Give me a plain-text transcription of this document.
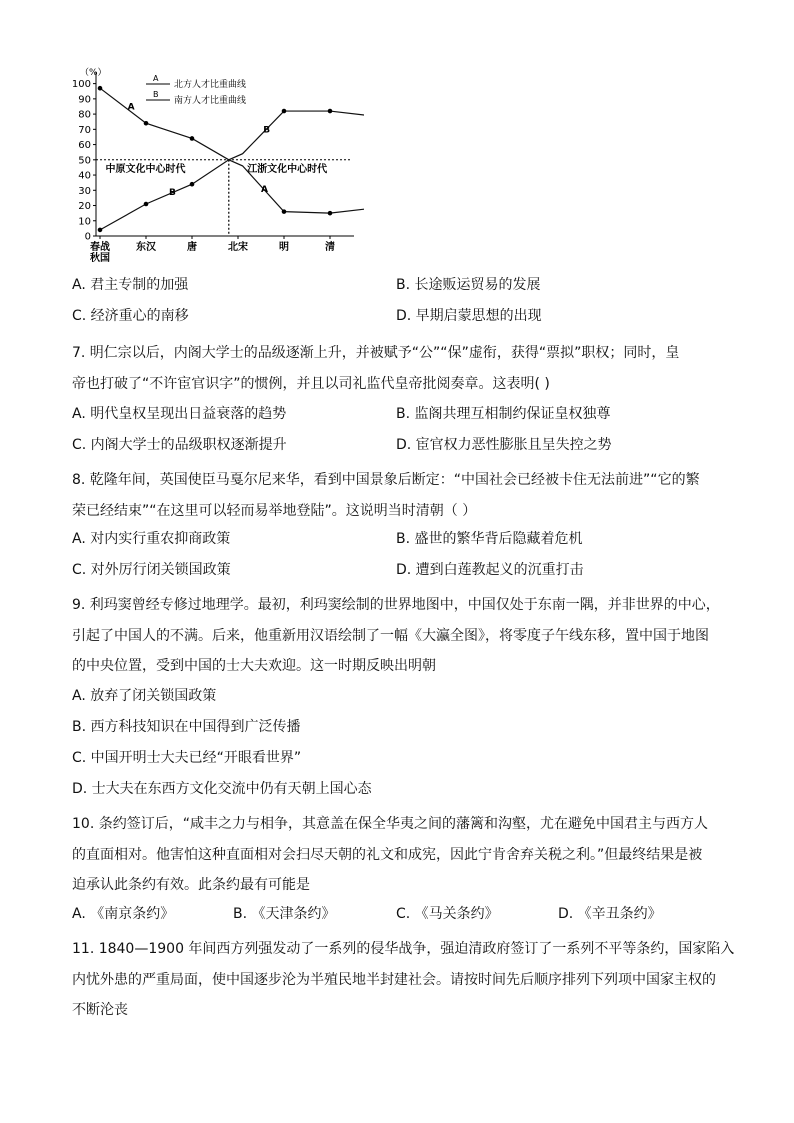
（%）
0
10
20
30
40
50
60
70
80
90
100
春战
秋国
东汉	唐	北宋	明	清
A
B
B
A
中原文化中心时代	江浙文化中心时代
A
北方人才比重曲线
B
南方人才比重曲线
A. 君主专制的加强	B. 长途贩运贸易的发展
C. 经济重心的南移	D. 早期启蒙思想的出现
7. 明仁宗以后，内阁大学士的品级逐渐上升，并被赋予“公”“保”虚衔，获得“票拟”职权；同时，皇
帝也打破了“不许宦官识字”的惯例，并且以司礼监代皇帝批阅奏章。这表明( )
A. 明代皇权呈现出日益衰落的趋势	B. 监阁共理互相制约保证皇权独尊
C. 内阁大学士的品级职权逐渐提升	D. 宦官权力恶性膨胀且呈失控之势
8. 乾隆年间，英国使臣马戛尔尼来华，看到中国景象后断定：“中国社会已经被卡住无法前进”“它的繁
荣已经结束”“在这里可以轻而易举地登陆”。这说明当时清朝（ ）
A. 对内实行重农抑商政策	B. 盛世的繁华背后隐藏着危机
C. 对外厉行闭关锁国政策	D. 遭到白莲教起义的沉重打击
9. 利玛窦曾经专修过地理学。最初，利玛窦绘制的世界地图中，中国仅处于东南一隅，并非世界的中心，
引起了中国人的不满。后来，他重新用汉语绘制了一幅《大瀛全图》，将零度子午线东移，置中国于地图
的中央位置，受到中国的士大夫欢迎。这一时期反映出明朝
A. 放弃了闭关锁国政策
B. 西方科技知识在中国得到广泛传播
C. 中国开明士大夫已经“开眼看世界”
D. 士大夫在东西方文化交流中仍有天朝上国心态
10. 条约签订后，“咸丰之力与相争，其意盖在保全华夷之间的藩篱和沟壑，尤在避免中国君主与西方人
的直面相对。他害怕这种直面相对会扫尽天朝的礼文和成宪，因此宁肯舍弃关税之利。”但最终结果是被
迫承认此条约有效。此条约最有可能是
A. 《南京条约》	B. 《天津条约》	C. 《马关条约》	D. 《辛丑条约》
11. 1840—1900 年间西方列强发动了一系列的侵华战争，强迫清政府签订了一系列不平等条约，国家陷入
内忧外患的严重局面，使中国逐步沦为半殖民地半封建社会。请按时间先后顺序排列下列项中国家主权的
不断沦丧
